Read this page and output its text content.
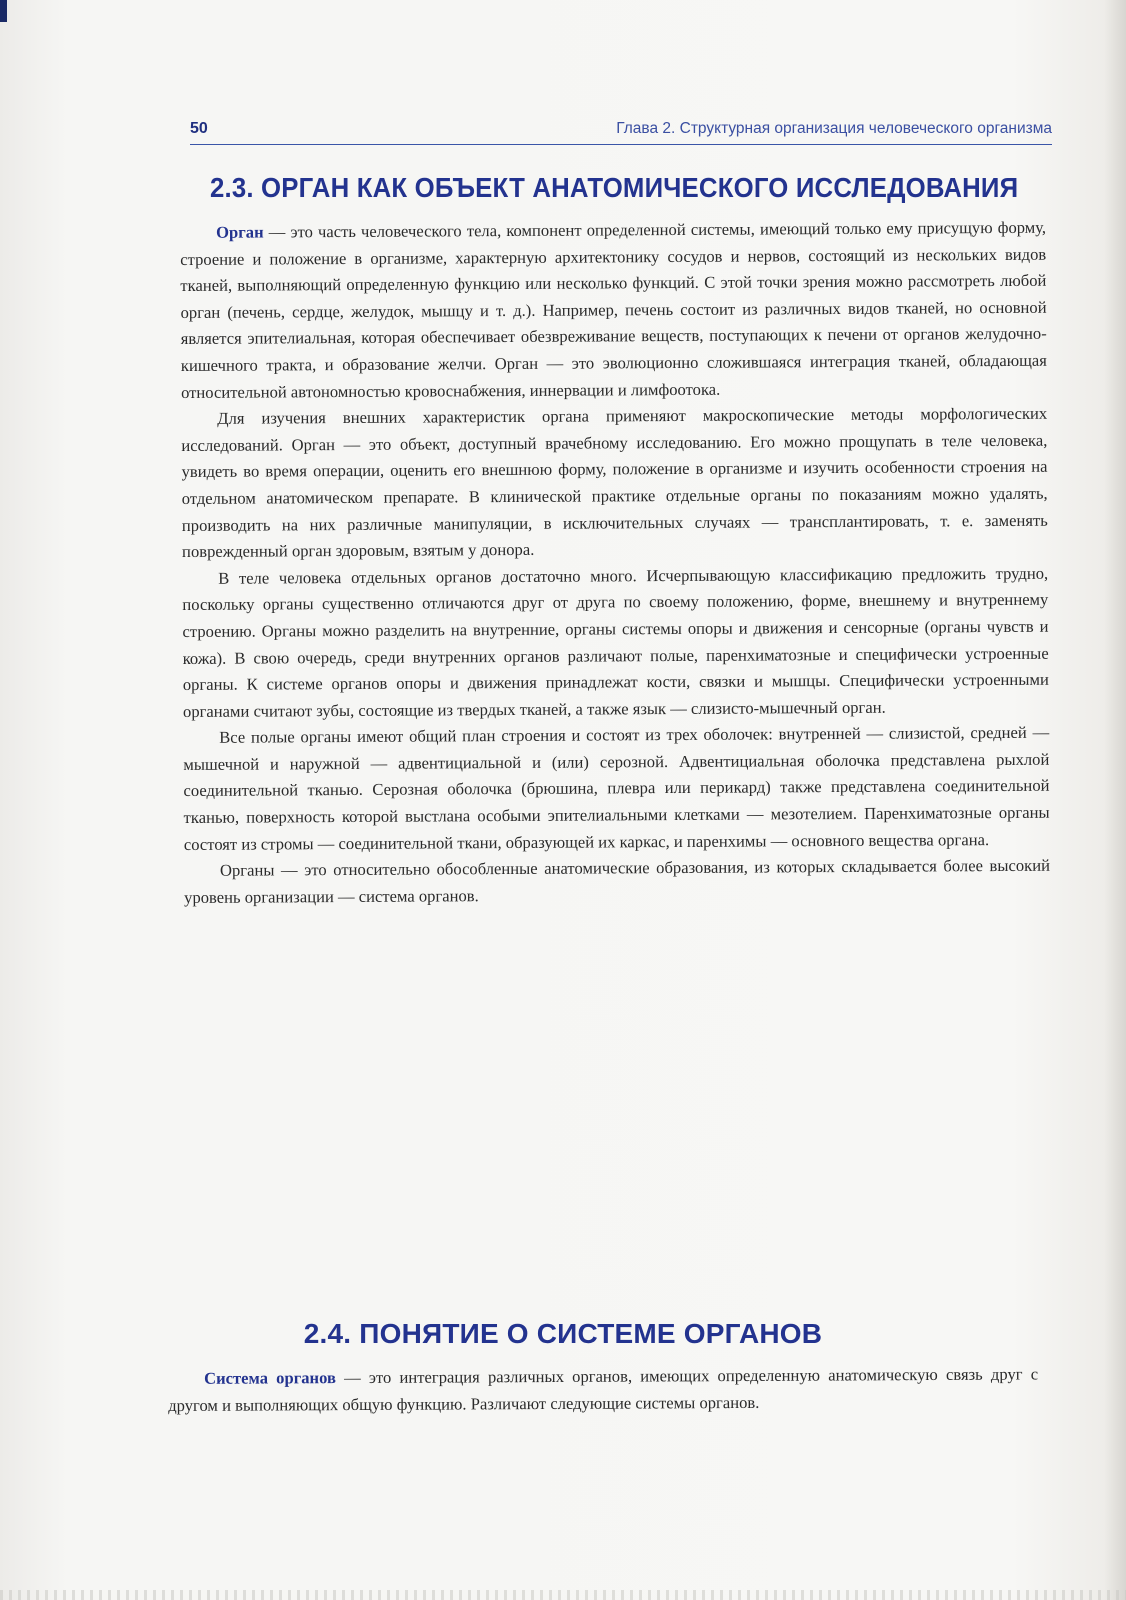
50	Глава 2. Структурная организация человеческого организма
2.3. ОРГАН КАК ОБЪЕКТ АНАТОМИЧЕСКОГО ИССЛЕДОВАНИЯ

Орган — это часть человеческого тела, компонент определенной системы, имеющий только ему присущую форму, строение и положение в организме, характерную архитектонику сосудов и нервов, состоящий из нескольких видов тканей, выполняющий определенную функцию или несколько функций. С этой точки зрения можно рассмотреть любой орган (печень, сердце, желудок, мышцу и т. д.). Например, печень состоит из различных видов тканей, но основной является эпителиальная, которая обеспечивает обезвреживание веществ, поступающих к печени от органов желудочно-кишечного тракта, и образование желчи. Орган — это эволюционно сложившаяся интеграция тканей, обладающая относительной автономностью кровоснабжения, иннервации и лимфоотока.

Для изучения внешних характеристик органа применяют макроскопические методы морфологических исследований. Орган — это объект, доступный врачебному исследованию. Его можно прощупать в теле человека, увидеть во время операции, оценить его внешнюю форму, положение в организме и изучить особенности строения на отдельном анатомическом препарате. В клинической практике отдельные органы по показаниям можно удалять, производить на них различные манипуляции, в исключительных случаях — трансплантировать, т. е. заменять поврежденный орган здоровым, взятым у донора.

В теле человека отдельных органов достаточно много. Исчерпывающую классификацию предложить трудно, поскольку органы существенно отличаются друг от друга по своему положению, форме, внешнему и внутреннему строению. Органы можно разделить на внутренние, органы системы опоры и движения и сенсорные (органы чувств и кожа). В свою очередь, среди внутренних органов различают полые, паренхиматозные и специфически устроенные органы. К системе органов опоры и движения принадлежат кости, связки и мышцы. Специфически устроенными органами считают зубы, состоящие из твердых тканей, а также язык — слизисто-мышечный орган.

Все полые органы имеют общий план строения и состоят из трех оболочек: внутренней — слизистой, средней — мышечной и наружной — адвентициальной и (или) серозной. Адвентициальная оболочка представлена рыхлой соединительной тканью. Серозная оболочка (брюшина, плевра или перикард) также представлена соединительной тканью, поверхность которой выстлана особыми эпителиальными клетками — мезотелием. Паренхиматозные органы состоят из стромы — соединительной ткани, образующей их каркас, и паренхимы — основного вещества органа.

Органы — это относительно обособленные анатомические образования, из которых складывается более высокий уровень организации — система органов.

2.4. ПОНЯТИЕ О СИСТЕМЕ ОРГАНОВ

Система органов — это интеграция различных органов, имеющих определенную анатомическую связь друг с другом и выполняющих общую функцию. Различают следующие системы органов.
